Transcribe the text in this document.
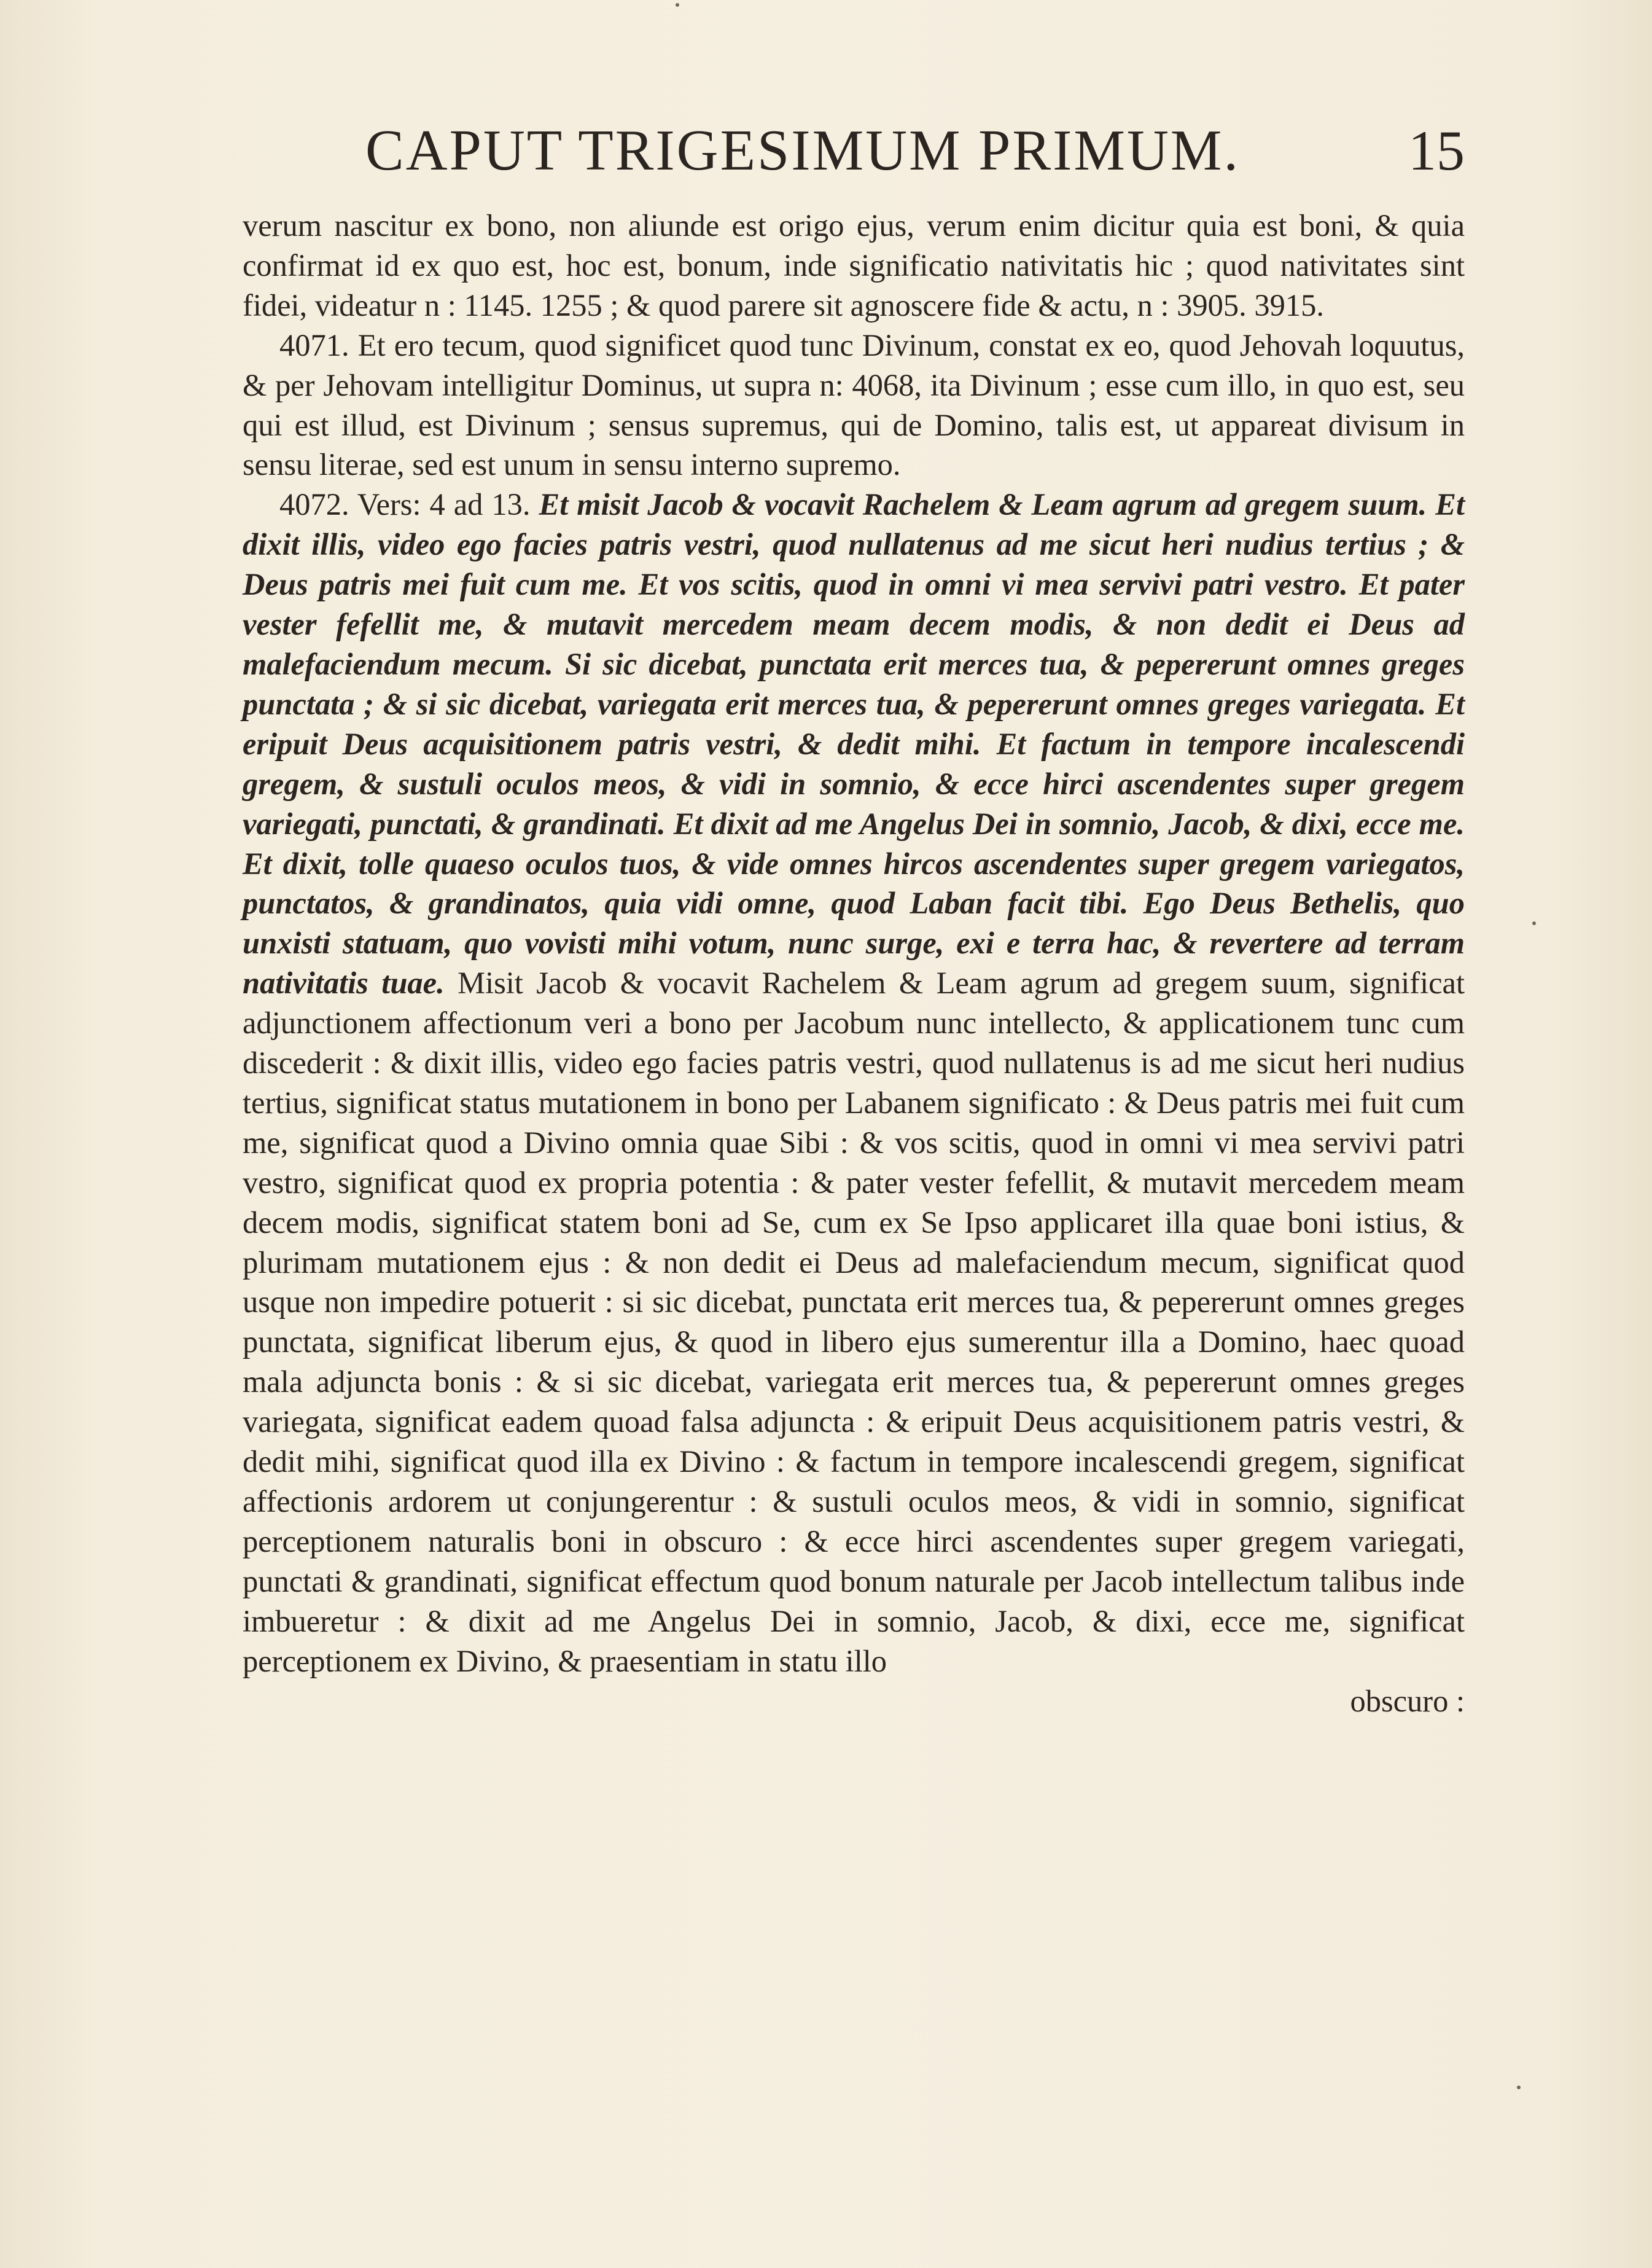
CAPUT TRIGESIMUM PRIMUM.	15

verum nascitur ex bono, non aliunde est origo ejus, verum enim dicitur quia est boni, & quia confirmat id ex quo est, hoc est, bonum, inde significatio nativitatis hic ; quod nativitates sint fidei, videatur n : 1145. 1255 ; & quod parere sit agnoscere fide & actu, n : 3905. 3915.

4071. Et ero tecum, quod significet quod tunc Divinum, constat ex eo, quod Jehovah loquutus, & per Jehovam intelligitur Dominus, ut supra n: 4068, ita Divinum ; esse cum illo, in quo est, seu qui est illud, est Divinum ; sensus supremus, qui de Domino, talis est, ut appareat divisum in sensu literae, sed est unum in sensu interno supremo.

4072. Vers: 4 ad 13. Et misit Jacob & vocavit Rachelem & Leam agrum ad gregem suum. Et dixit illis, video ego facies patris vestri, quod nullatenus ad me sicut heri nudius tertius ; & Deus patris mei fuit cum me. Et vos scitis, quod in omni vi mea servivi patri vestro. Et pater vester fefellit me, & mutavit mercedem meam decem modis, & non dedit ei Deus ad malefaciendum mecum. Si sic dicebat, punctata erit merces tua, & pepererunt omnes greges punctata ; & si sic dicebat, variegata erit merces tua, & pepererunt omnes greges variegata. Et eripuit Deus acquisitionem patris vestri, & dedit mihi. Et factum in tempore incalescendi gregem, & sustuli oculos meos, & vidi in somnio, & ecce hirci ascendentes super gregem variegati, punctati, & grandinati. Et dixit ad me Angelus Dei in somnio, Jacob, & dixi, ecce me. Et dixit, tolle quaeso oculos tuos, & vide omnes hircos ascendentes super gregem variegatos, punctatos, & grandinatos, quia vidi omne, quod Laban facit tibi. Ego Deus Bethelis, quo unxisti statuam, quo vovisti mihi votum, nunc surge, exi e terra hac, & revertere ad terram nativitatis tuae. Misit Jacob & vocavit Rachelem & Leam agrum ad gregem suum, significat adjunctionem affectionum veri a bono per Jacobum nunc intellecto, & applicationem tunc cum discederit : & dixit illis, video ego facies patris vestri, quod nullatenus is ad me sicut heri nudius tertius, significat status mutationem in bono per Labanem significato : & Deus patris mei fuit cum me, significat quod a Divino omnia quae Sibi : & vos scitis, quod in omni vi mea servivi patri vestro, significat quod ex propria potentia : & pater vester fefellit, & mutavit mercedem meam decem modis, significat statem boni ad Se, cum ex Se Ipso applicaret illa quae boni istius, & plurimam mutationem ejus : & non dedit ei Deus ad malefaciendum mecum, significat quod usque non impedire potuerit : si sic dicebat, punctata erit merces tua, & pepererunt omnes greges punctata, significat liberum ejus, & quod in libero ejus sumerentur illa a Domino, haec quoad mala adjuncta bonis : & si sic dicebat, variegata erit merces tua, & pepererunt omnes greges variegata, significat eadem quoad falsa adjuncta : & eripuit Deus acquisitionem patris vestri, & dedit mihi, significat quod illa ex Divino : & factum in tempore incalescendi gregem, significat affectionis ardorem ut conjungerentur : & sustuli oculos meos, & vidi in somnio, significat perceptionem naturalis boni in obscuro : & ecce hirci ascendentes super gregem variegati, punctati & grandinati, significat effectum quod bonum naturale per Jacob intellectum talibus inde imbueretur : & dixit ad me Angelus Dei in somnio, Jacob, & dixi, ecce me, significat perceptionem ex Divino, & praesentiam in statu illo

obscuro :
